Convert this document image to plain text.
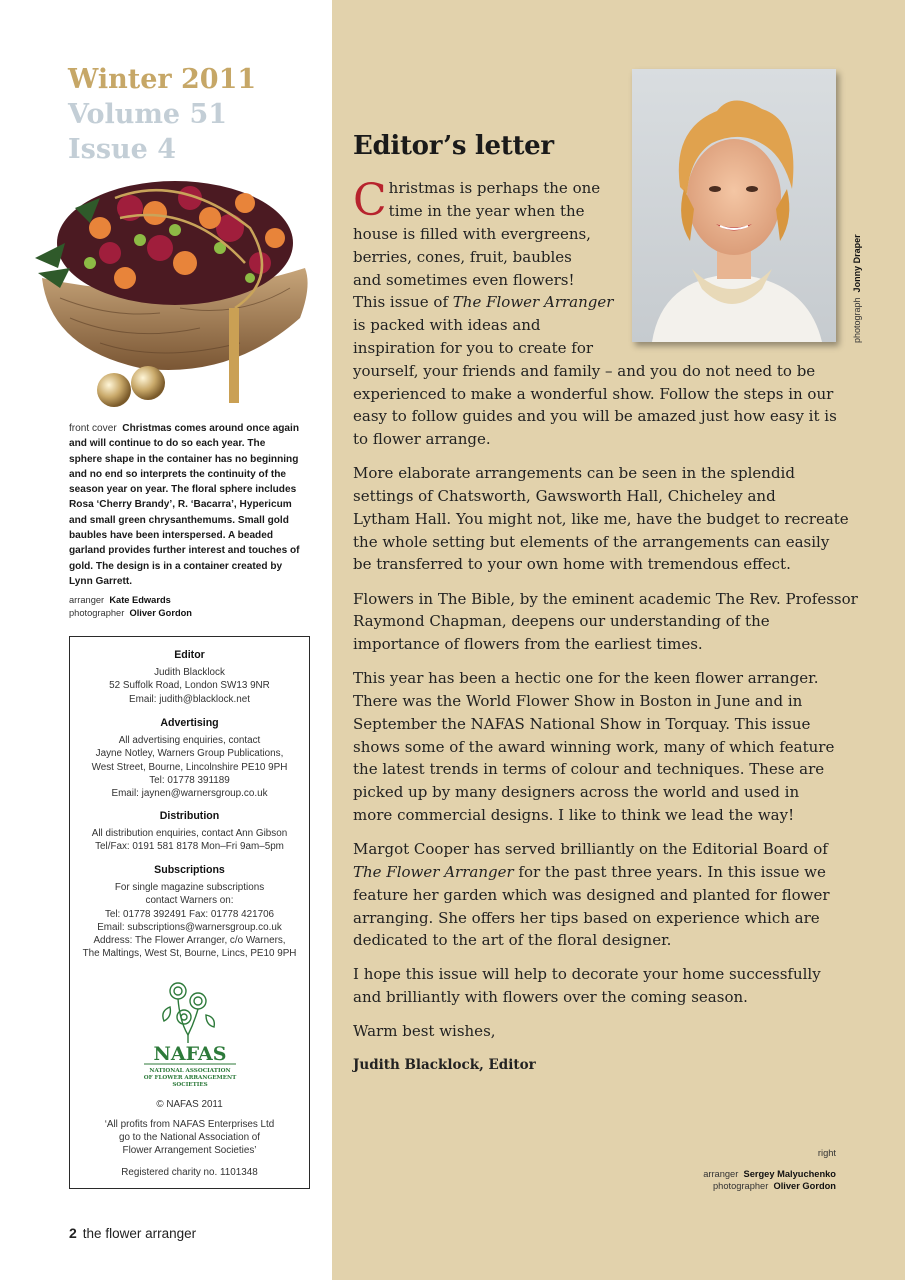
Winter 2011
Volume 51
Issue 4
front cover Christmas comes around once again
and will continue to do so each year. The
sphere shape in the container has no beginning
and no end so interprets the continuity of the
season year on year. The floral sphere includes
Rosa ‘Cherry Brandy’, R. ‘Bacarra’, Hypericum
and small green chrysanthemums. Small gold
baubles have been interspersed. A beaded
garland provides further interest and touches of
gold. The design is in a container created by
Lynn Garrett.
arranger Kate Edwards
photographer Oliver Gordon
Editor
Judith Blacklock
52 Suffolk Road, London SW13 9NR
Email: judith@blacklock.net
Advertising
All advertising enquiries, contact
Jayne Notley, Warners Group Publications,
West Street, Bourne, Lincolnshire PE10 9PH
Tel: 01778 391189
Email: jaynen@warnersgroup.co.uk
Distribution
All distribution enquiries, contact Ann Gibson
Tel/Fax: 0191 581 8178 Mon–Fri 9am–5pm
Subscriptions
For single magazine subscriptions
contact Warners on:
Tel: 01778 392491 Fax: 01778 421706
Email: subscriptions@warnersgroup.co.uk
Address: The Flower Arranger, c/o Warners,
The Maltings, West St, Bourne, Lincs, PE10 9PH
NAFAS
NATIONAL ASSOCIATION
OF FLOWER ARRANGEMENT
SOCIETIES
© NAFAS 2011
‘All profits from NAFAS Enterprises Ltd
go to the National Association of
Flower Arrangement Societies’
Registered charity no. 1101348
2 the flower arranger
photograph  Jonny Draper
Editor’s letter
C hristmas is perhaps the one
time in the year when the
house is filled with evergreens,
berries, cones, fruit, baubles
and sometimes even flowers!
This issue of The Flower Arranger
is packed with ideas and
inspiration for you to create for
yourself, your friends and family – and you do not need to be
experienced to make a wonderful show. Follow the steps in our
easy to follow guides and you will be amazed just how easy it is
to flower arrange.
More elaborate arrangements can be seen in the splendid
settings of Chatsworth, Gawsworth Hall, Chicheley and
Lytham Hall. You might not, like me, have the budget to recreate
the whole setting but elements of the arrangements can easily
be transferred to your own home with tremendous effect.
Flowers in The Bible, by the eminent academic The Rev. Professor
Raymond Chapman, deepens our understanding of the
importance of flowers from the earliest times.
This year has been a hectic one for the keen flower arranger.
There was the World Flower Show in Boston in June and in
September the NAFAS National Show in Torquay. This issue
shows some of the award winning work, many of which feature
the latest trends in terms of colour and techniques. These are
picked up by many designers across the world and used in
more commercial designs. I like to think we lead the way!
Margot Cooper has served brilliantly on the Editorial Board of
The Flower Arranger for the past three years. In this issue we
feature her garden which was designed and planted for flower
arranging. She offers her tips based on experience which are
dedicated to the art of the floral designer.
I hope this issue will help to decorate your home successfully
and brilliantly with flowers over the coming season.
Warm best wishes,
Judith Blacklock, Editor
right
arranger Sergey Malyuchenko
photographer Oliver Gordon
